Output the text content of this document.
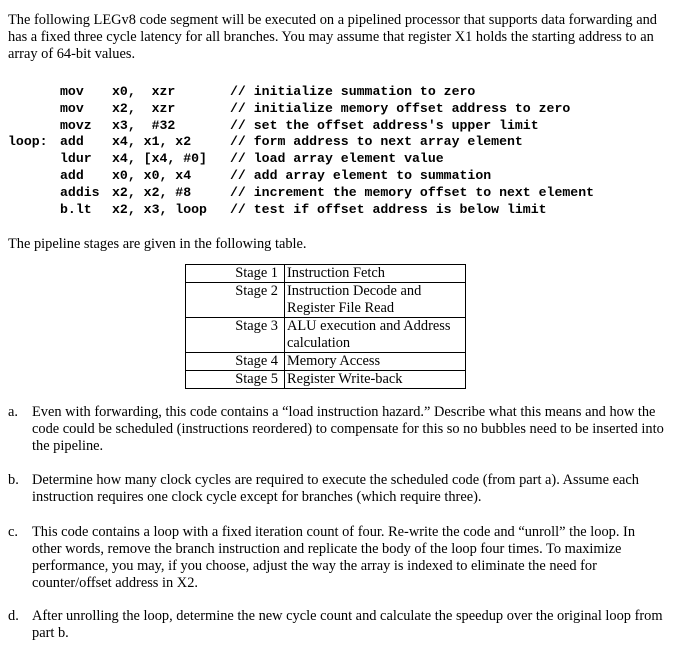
The following LEGv8 code segment will be executed on a pipelined processor that supports data forwarding and has a fixed three cycle latency for all branches. You may assume that register X1 holds the starting address to an array of 64-bit values.

mov	x0,  xzr	// initialize summation to zero
mov	x2,  xzr	// initialize memory offset address to zero
movz	x3,  #32	// set the offset address's upper limit
loop: add	x4, x1, x2	// form address to next array element
ldur	x4, [x4, #0]	// load array element value
add	x0, x0, x4	// add array element to summation
addis x2, x2, #8	// increment the memory offset to next element
b.lt	x2, x3, loop	// test if offset address is below limit

The pipeline stages are given in the following table.

Stage 1	Instruction Fetch
Stage 2	Instruction Decode and Register File Read
Stage 3	ALU execution and Address calculation
Stage 4	Memory Access
Stage 5	Register Write-back
a. Even with forwarding, this code contains a “load instruction hazard.” Describe what this means and how the code could be scheduled (instructions reordered) to compensate for this so no bubbles need to be inserted into the pipeline.
b. Determine how many clock cycles are required to execute the scheduled code (from part a). Assume each instruction requires one clock cycle except for branches (which require three).
c. This code contains a loop with a fixed iteration count of four. Re-write the code and “unroll” the loop. In other words, remove the branch instruction and replicate the body of the loop four times. To maximize performance, you may, if you choose, adjust the way the array is indexed to eliminate the need for counter/offset address in X2.
d. After unrolling the loop, determine the new cycle count and calculate the speedup over the original loop from part b.
